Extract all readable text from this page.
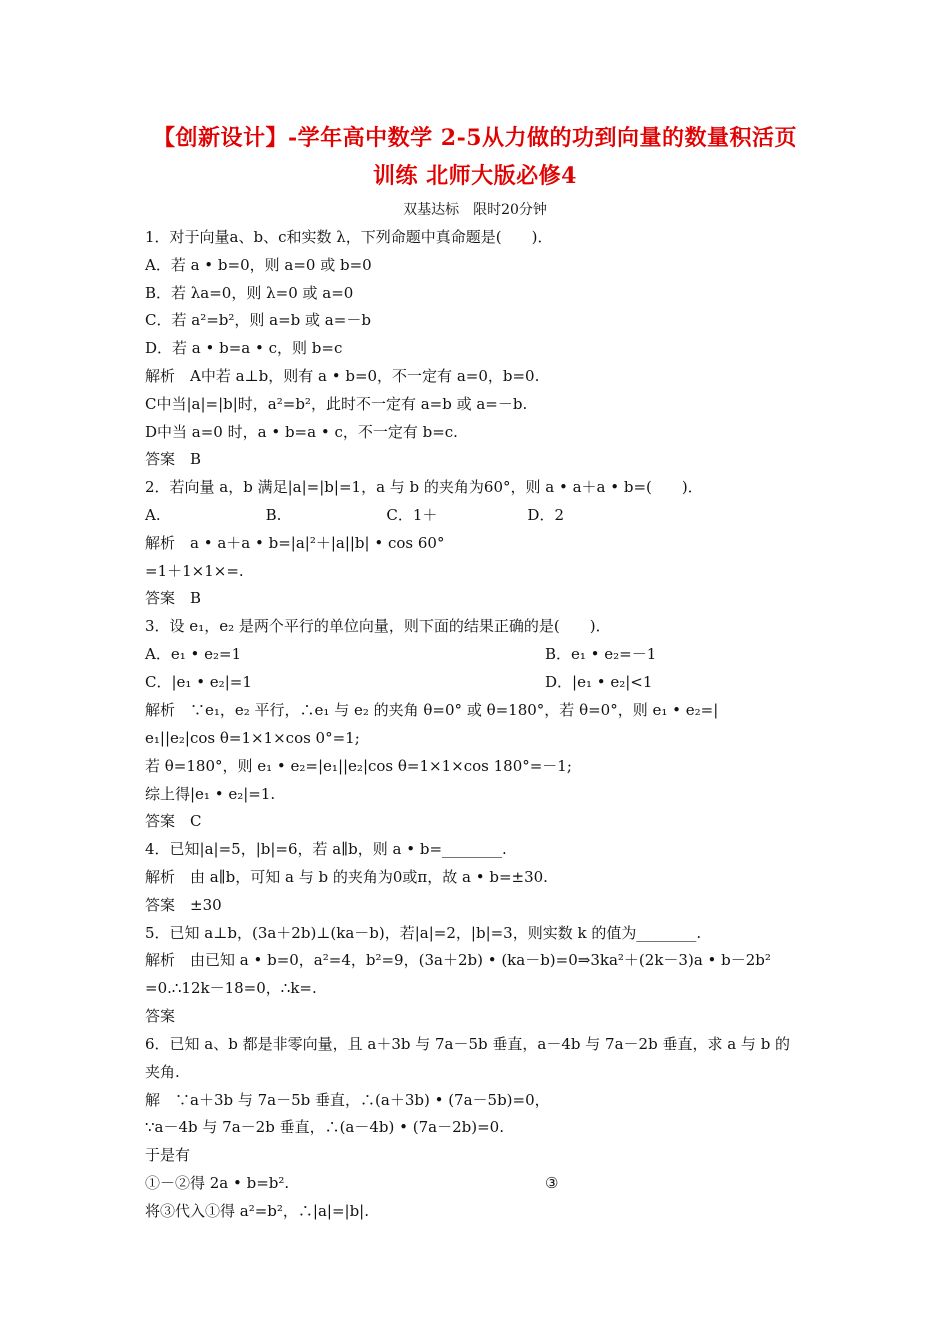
【创新设计】-学年高中数学 2-5从力做的功到向量的数量积活页
训练 北师大版必修4
双基达标　限时20分钟
1．对于向量a、b、c和实数 λ，下列命题中真命题是(　　)．
A．若 a • b=0，则 a=0 或 b=0
B．若 λa=0，则 λ=0 或 a=0
C．若 a²=b²，则 a=b 或 a=－b
D．若 a • b=a • c，则 b=c
解析　A中若 a⊥b，则有 a • b=0，不一定有 a=0，b=0.
C中当|a|=|b|时，a²=b²，此时不一定有 a=b 或 a=－b.
D中当 a=0 时，a • b=a • c，不一定有 b=c.
答案　B
2．若向量 a，b 满足|a|=|b|=1，a 与 b 的夹角为60°，则 a • a＋a • b=(　　)．
A.　　　　　　　B.　　　　　　　C．1＋　　　　　　D．2
解析　a • a＋a • b=|a|²＋|a||b| • cos 60°
=1＋1×1×=.
答案　B
3．设 e₁，e₂ 是两个平行的单位向量，则下面的结果正确的是(　　)．
A．e₁ • e₂=1	B．e₁ • e₂=－1
C．|e₁ • e₂|=1	D．|e₁ • e₂|<1
解析　∵e₁，e₂ 平行，∴e₁ 与 e₂ 的夹角 θ=0° 或 θ=180°，若 θ=0°，则 e₁ • e₂=|
e₁||e₂|cos θ=1×1×cos 0°=1;
若 θ=180°，则 e₁ • e₂=|e₁||e₂|cos θ=1×1×cos 180°=－1;
综上得|e₁ • e₂|=1.
答案　C
4．已知|a|=5，|b|=6，若 a∥b，则 a • b=________.
解析　由 a∥b，可知 a 与 b 的夹角为0或π，故 a • b=±30.
答案　±30
5．已知 a⊥b，(3a＋2b)⊥(ka－b)，若|a|=2，|b|=3，则实数 k 的值为________.
解析　由已知 a • b=0，a²=4，b²=9，(3a＋2b) • (ka－b)=0⇒3ka²＋(2k－3)a • b－2b²
=0.∴12k－18=0，∴k=.
答案
6．已知 a、b 都是非零向量，且 a＋3b 与 7a－5b 垂直，a－4b 与 7a－2b 垂直，求 a 与 b 的
夹角.
解　∵a＋3b 与 7a－5b 垂直，∴(a＋3b) • (7a－5b)=0，
∵a－4b 与 7a－2b 垂直，∴(a－4b) • (7a－2b)=0.
于是有
①－②得 2a • b=b².	③
将③代入①得 a²=b²，∴|a|=|b|.
